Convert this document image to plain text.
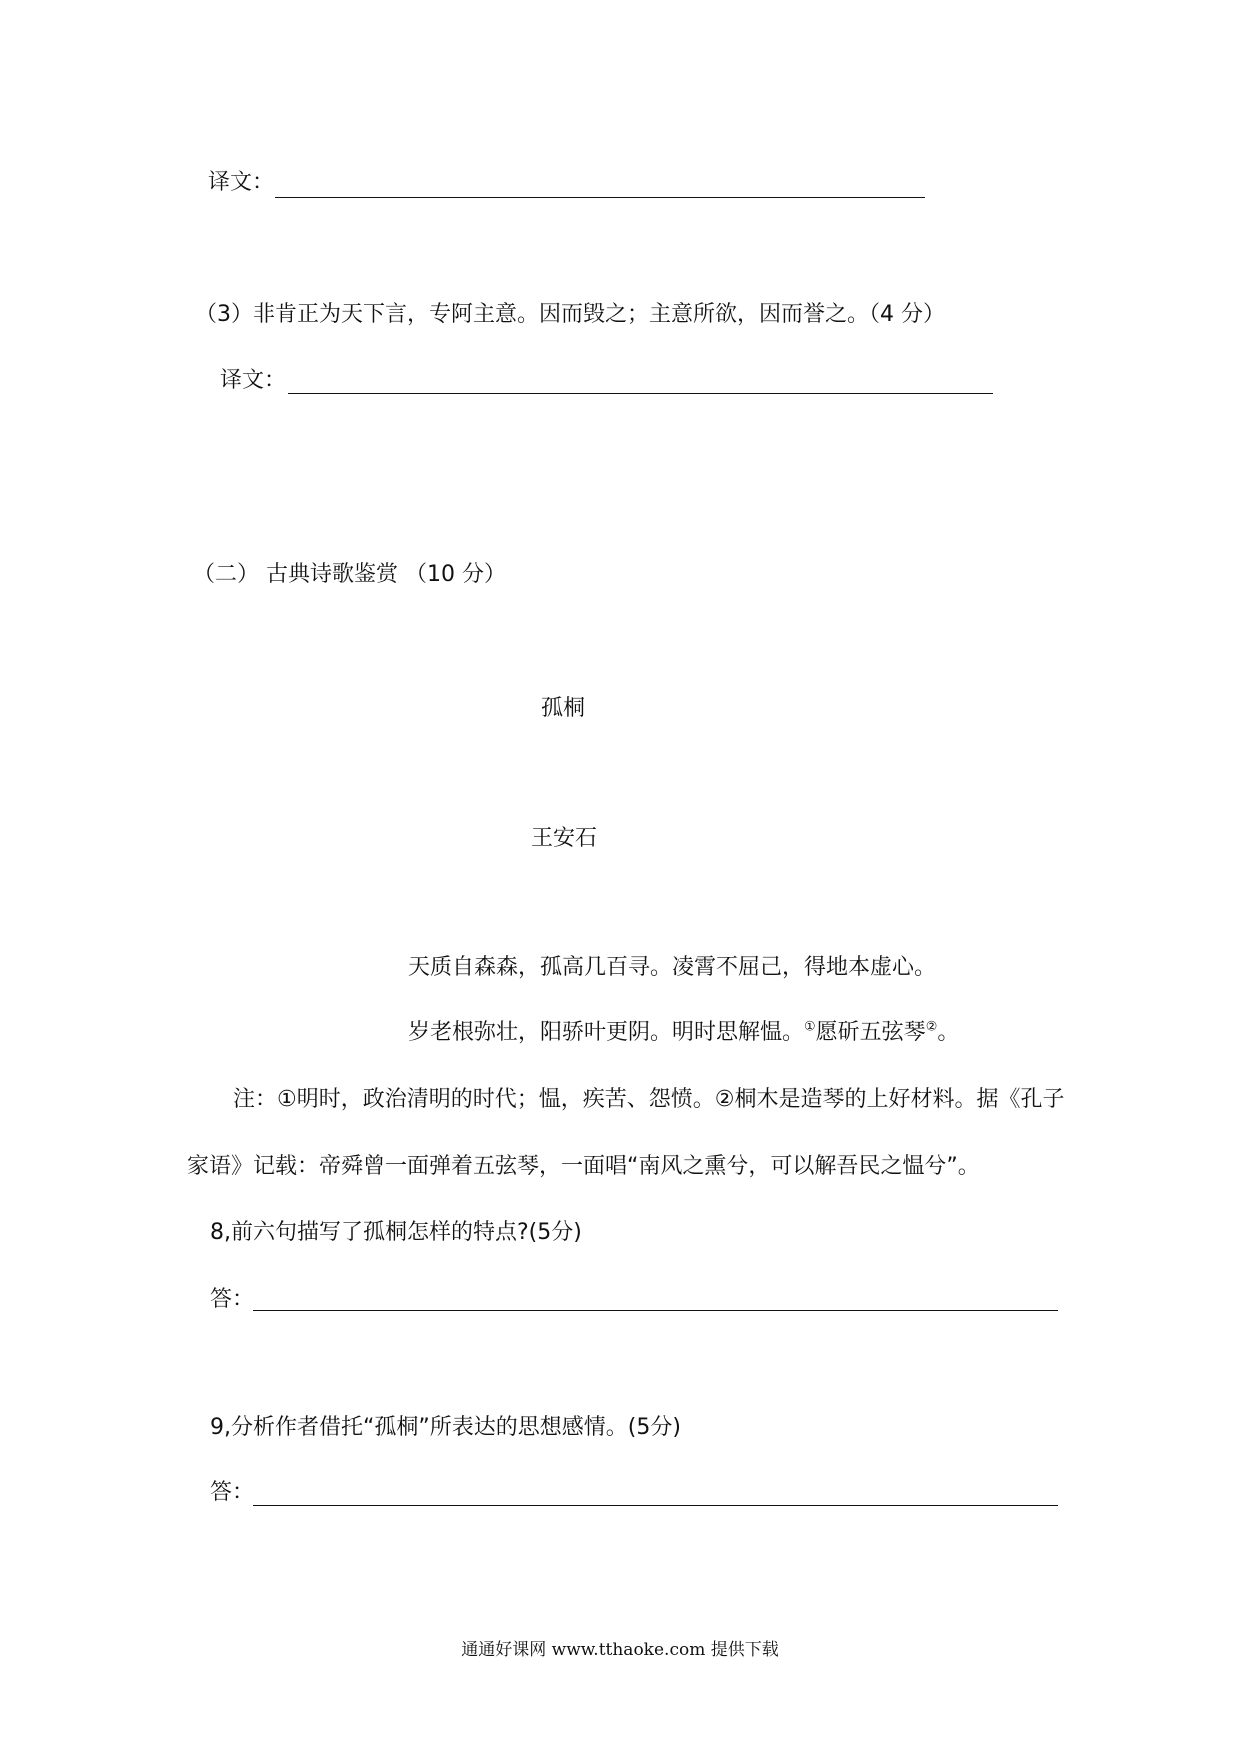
译文：
（3）非肯正为天下言，专阿主意。因而毁之；主意所欲，因而誉之。（4 分）
译文：
（二） 古典诗歌鉴赏 （10 分）
孤桐
王安石
天质自森森，孤高几百寻。凌霄不屈己，得地本虚心。
岁老根弥壮，阳骄叶更阴。明时思解愠。①愿斫五弦琴②。
注：①明时，政治清明的时代；愠，疾苦、怨愤。②桐木是造琴的上好材料。据《孔子
家语》记载：帝舜曾一面弹着五弦琴，一面唱“南风之熏兮，可以解吾民之愠兮”。
8,前六句描写了孤桐怎样的特点?(5分)
答：
9,分析作者借托“孤桐”所表达的思想感情。(5分)
答：
通通好课网 www.tthaoke.com 提供下载
